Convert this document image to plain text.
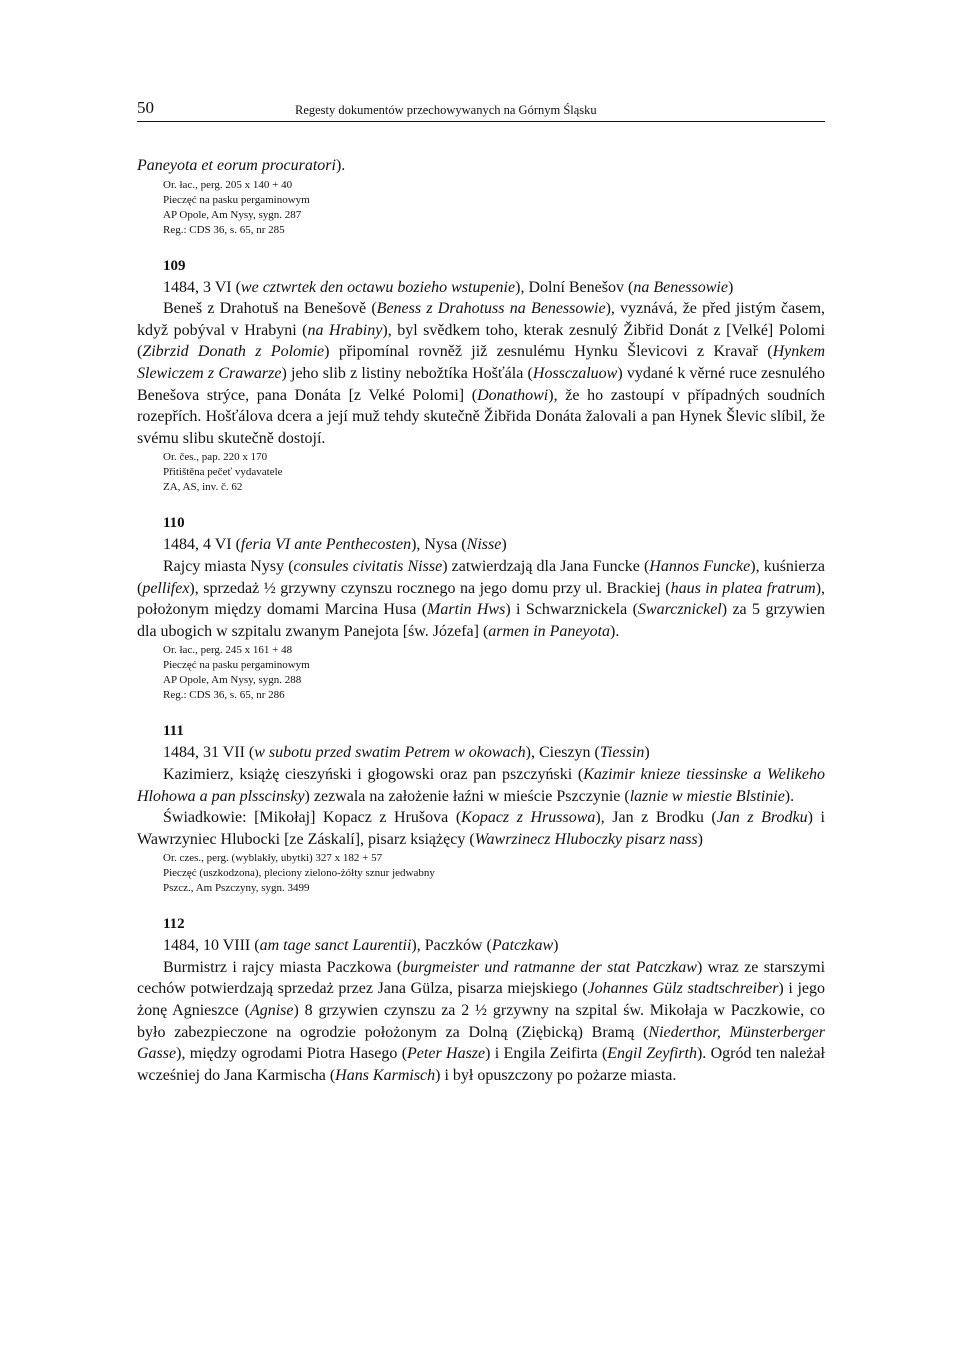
50	Regesty dokumentów przechowywanych na Górnym Śląsku

Paneyota et eorum procuratori).

Or. łac., perg. 205 x 140 + 40
Pieczęć na pasku pergaminowym
AP Opole, Am Nysy, sygn. 287
Reg.: CDS 36, s. 65, nr 285
109

1484, 3 VI (we cztwrtek den octawu bozieho wstupenie), Dolní Benešov (na Benessowie)

Beneš z Drahotuš na Benešově (Beness z Drahotuss na Benessowie), vyznává, že před jistým časem, když pobýval v Hrabyni (na Hrabiny), byl svědkem toho, kterak zesnulý Žibřid Donát z [Velké] Polomi (Zibrzid Donath z Polomie) připomínal rovněž již zesnulému Hynku Šlevicovi z Kravař (Hynkem Slewiczem z Crawarze) jeho slib z listiny nebožtíka Hošťála (Hossczaluow) vydané k věrné ruce zesnulého Benešova strýce, pana Donáta [z Velké Polomi] (Donathowi), že ho zastoupí v případných soudních rozepřích. Hošťálova dcera a její muž tehdy skutečně Žibřida Donáta žalovali a pan Hynek Šlevic slíbil, že svému slibu skutečně dostojí.

Or. čes., pap. 220 x 170
Přitištěna pečeť vydavatele
ZA, AS, inv. č. 62
110

1484, 4 VI (feria VI ante Penthecosten), Nysa (Nisse)

Rajcy miasta Nysy (consules civitatis Nisse) zatwierdzają dla Jana Funcke (Hannos Funcke), kuśnierza (pellifex), sprzedaż ½ grzywny czynszu rocznego na jego domu przy ul. Brackiej (haus in platea fratrum), położonym między domami Marcina Husa (Martin Hws) i Schwarznickela (Swarcznickel) za 5 grzywien dla ubogich w szpitalu zwanym Panejota [św. Józefa] (armen in Paneyota).

Or. łac., perg. 245 x 161 + 48
Pieczęć na pasku pergaminowym
AP Opole, Am Nysy, sygn. 288
Reg.: CDS 36, s. 65, nr 286
111

1484, 31 VII (w subotu przed swatim Petrem w okowach), Cieszyn (Tiessin)

Kazimierz, książę cieszyński i głogowski oraz pan pszczyński (Kazimir knieze tiessinske a Welikeho Hlohowa a pan plsscinsky) zezwala na założenie łaźni w mieście Pszczynie (laznie w miestie Blstinie).

Świadkowie: [Mikołaj] Kopacz z Hrušova (Kopacz z Hrussowa), Jan z Brodku (Jan z Brodku) i Wawrzyniec Hlubocki [ze Záskalí], pisarz książęcy (Wawrzinecz Hluboczky pisarz nass)

Or. czes., perg. (wyblakły, ubytki) 327 x 182 + 57
Pieczęć (uszkodzona), pleciony zielono-żółty sznur jedwabny
Pszcz., Am Pszczyny, sygn. 3499
112

1484, 10 VIII (am tage sanct Laurentii), Paczków (Patczkaw)

Burmistrz i rajcy miasta Paczkowa (burgmeister und ratmanne der stat Patczkaw) wraz ze starszymi cechów potwierdzają sprzedaż przez Jana Gülza, pisarza miejskiego (Johannes Gülz stadtschreiber) i jego żonę Agnieszce (Agnise) 8 grzywien czynszu za 2 ½ grzywny na szpital św. Mikołaja w Paczkowie, co było zabezpieczone na ogrodzie położonym za Dolną (Ziębicką) Bramą (Niederthor, Münsterberger Gasse), między ogrodami Piotra Hasego (Peter Hasze) i Engila Zeifirta (Engil Zeyfirth). Ogród ten należał wcześniej do Jana Karmischa (Hans Karmisch) i był opuszczony po pożarze miasta.
